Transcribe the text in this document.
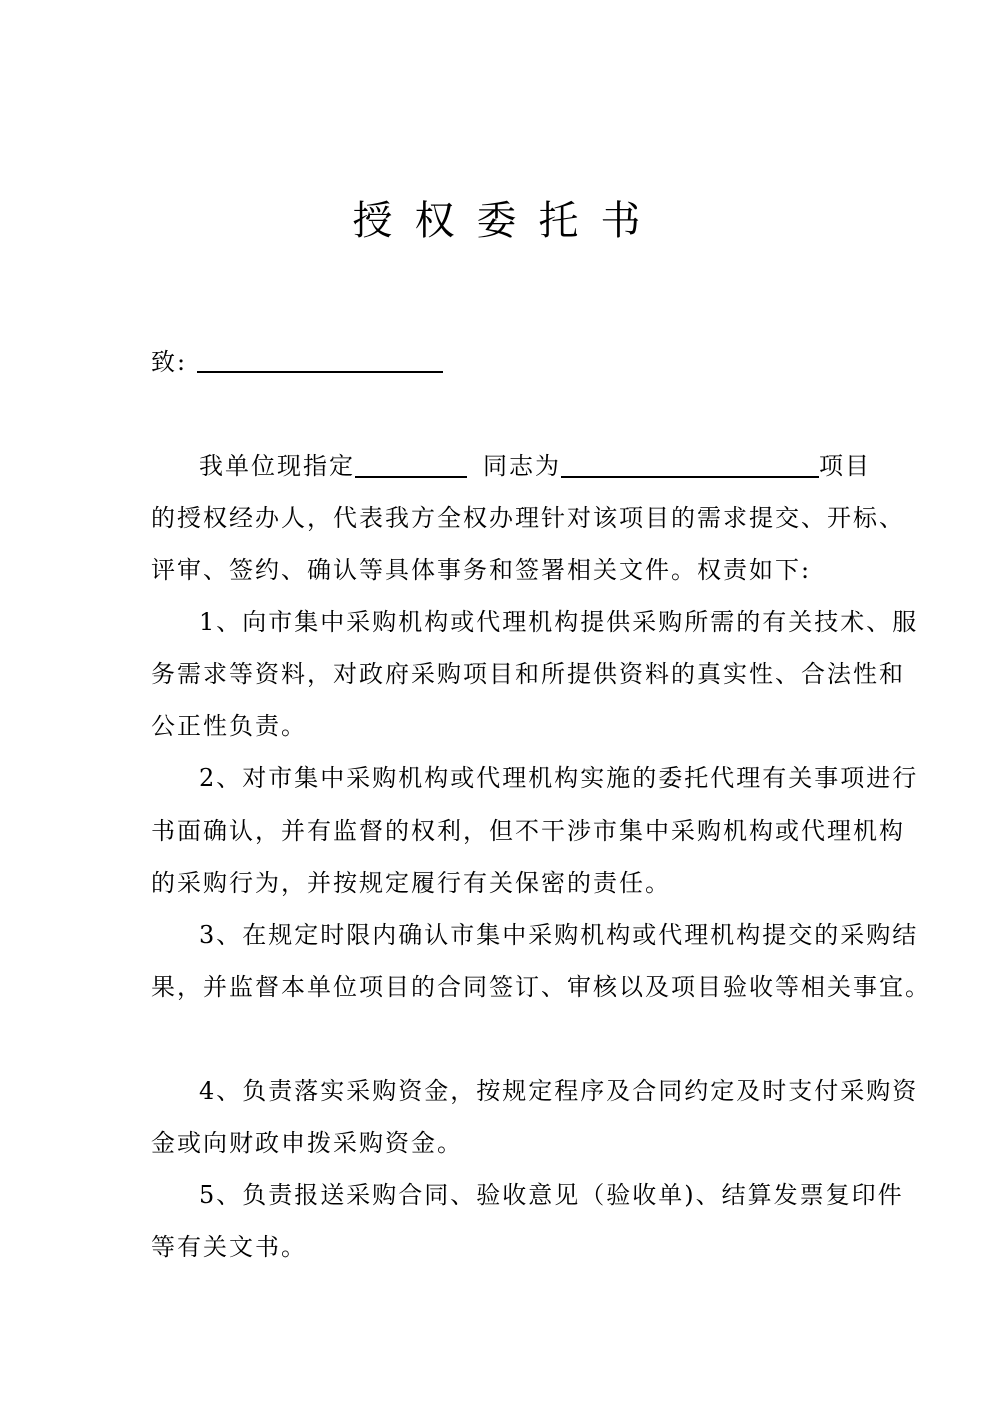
授权委托书
致:
我单位现指定	同志为	项目
的授权经办人，代表我方全权办理针对该项目的需求提交、开标、
评审、签约、确认等具体事务和签署相关文件。权责如下:
1、向市集中采购机构或代理机构提供采购所需的有关技术、服
务需求等资料，对政府采购项目和所提供资料的真实性、合法性和
公正性负责。
2、对市集中采购机构或代理机构实施的委托代理有关事项进行
书面确认，并有监督的权利，但不干涉市集中采购机构或代理机构
的采购行为，并按规定履行有关保密的责任。
3、在规定时限内确认市集中采购机构或代理机构提交的采购结
果，并监督本单位项目的合同签订、审核以及项目验收等相关事宜。
4、负责落实采购资金，按规定程序及合同约定及时支付采购资
金或向财政申拨采购资金。
5、负责报送采购合同、验收意见（验收单)、结算发票复印件
等有关文书。
